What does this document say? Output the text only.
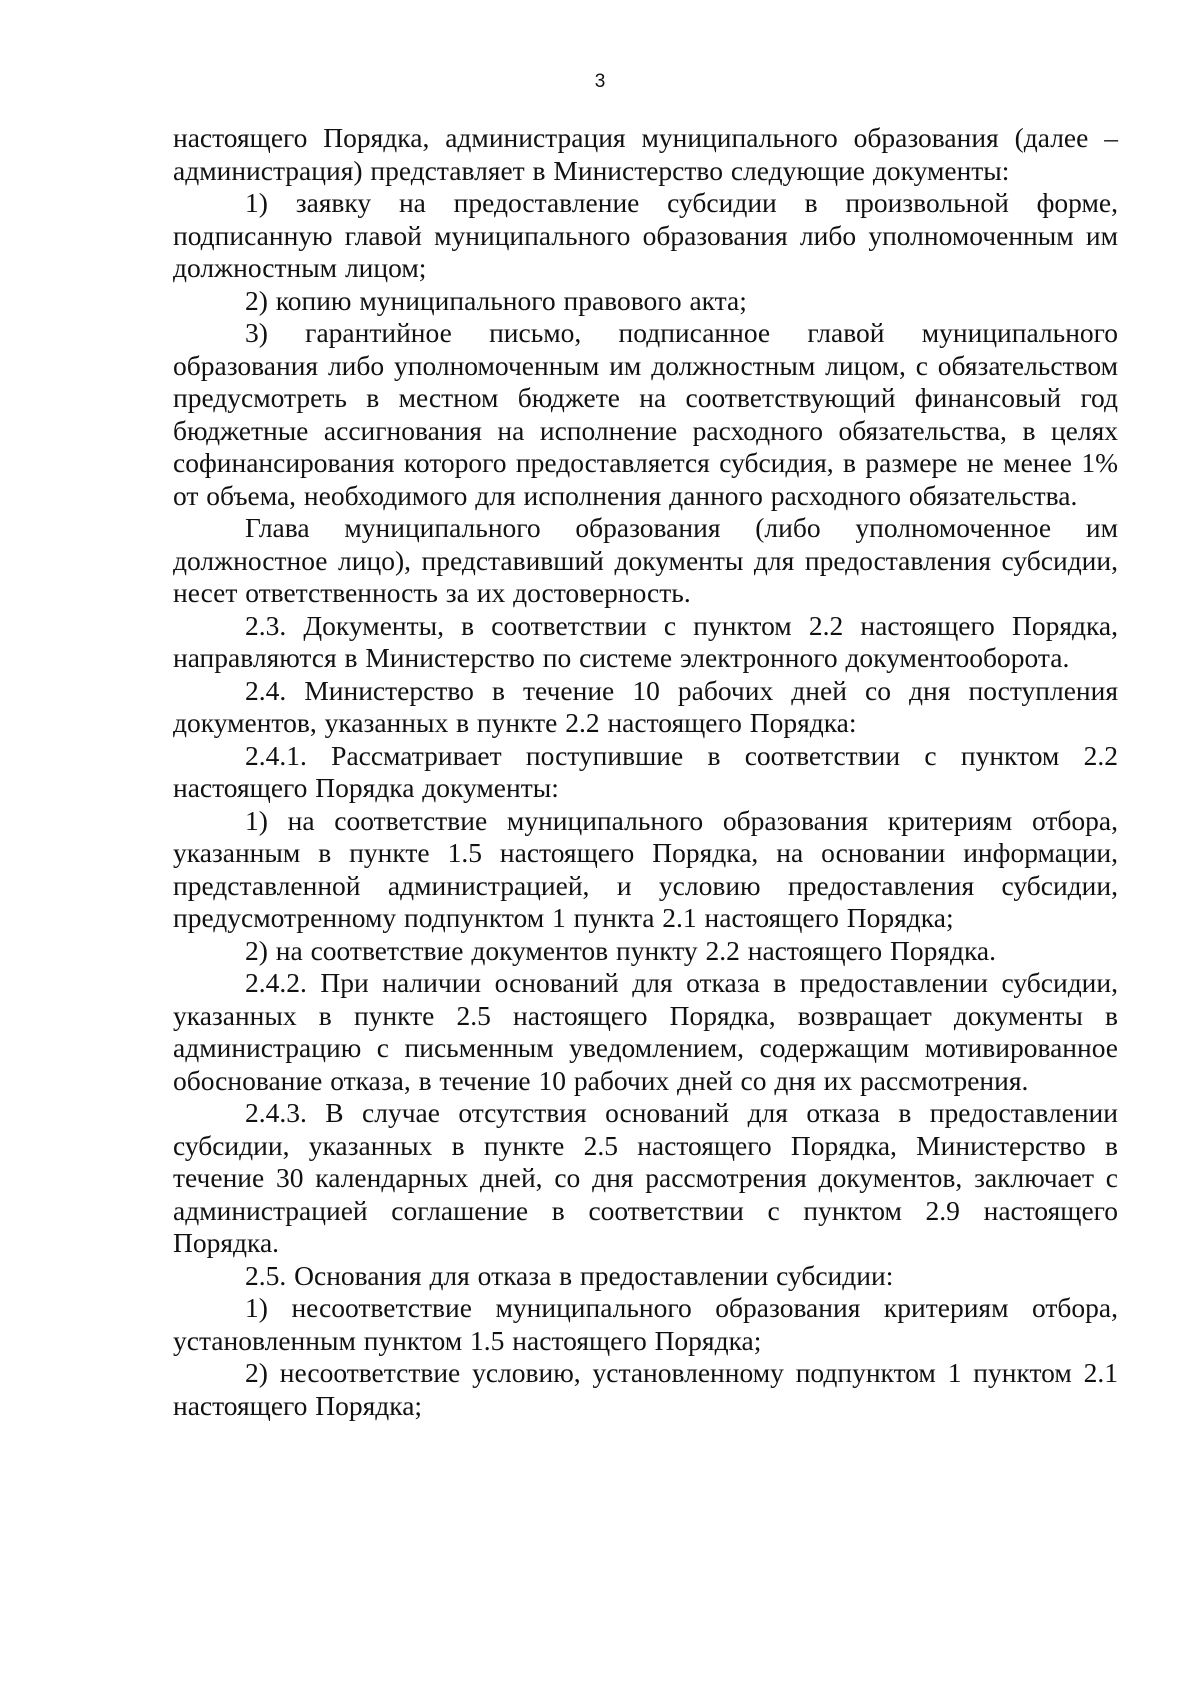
3

настоящего Порядка, администрация муниципального образования (далее – администрация) представляет в Министерство следующие документы:

1) заявку на предоставление субсидии в произвольной форме, подписанную главой муниципального образования либо уполномоченным им должностным лицом;

2) копию муниципального правового акта;

3) гарантийное письмо, подписанное главой муниципального образования либо уполномоченным им должностным лицом, с обязательством предусмотреть в местном бюджете на соответствующий финансовый год бюджетные ассигнования на исполнение расходного обязательства, в целях софинансирования которого предоставляется субсидия, в размере не менее 1% от объема, необходимого для исполнения данного расходного обязательства.

Глава муниципального образования (либо уполномоченное им должностное лицо), представивший документы для предоставления субсидии, несет ответственность за их достоверность.

2.3. Документы, в соответствии с пунктом 2.2 настоящего Порядка, направляются в Министерство по системе электронного документооборота.

2.4. Министерство в течение 10 рабочих дней со дня поступления документов, указанных в пункте 2.2 настоящего Порядка:

2.4.1. Рассматривает поступившие в соответствии с пунктом 2.2 настоящего Порядка документы:

1) на соответствие муниципального образования критериям отбора, указанным в пункте 1.5 настоящего Порядка, на основании информации, представленной администрацией, и условию предоставления субсидии, предусмотренному подпунктом 1 пункта 2.1 настоящего Порядка;

2) на соответствие документов пункту 2.2 настоящего Порядка.

2.4.2. При наличии оснований для отказа в предоставлении субсидии, указанных в пункте 2.5 настоящего Порядка, возвращает документы в администрацию с письменным уведомлением, содержащим мотивированное обоснование отказа, в течение 10 рабочих дней со дня их рассмотрения.

2.4.3. В случае отсутствия оснований для отказа в предоставлении субсидии, указанных в пункте 2.5 настоящего Порядка, Министерство в течение 30 календарных дней, со дня рассмотрения документов, заключает с администрацией соглашение в соответствии с пунктом 2.9 настоящего Порядка.

2.5. Основания для отказа в предоставлении субсидии:

1) несоответствие муниципального образования критериям отбора, установленным пунктом 1.5 настоящего Порядка;

2) несоответствие условию, установленному подпунктом 1 пунктом 2.1 настоящего Порядка;
